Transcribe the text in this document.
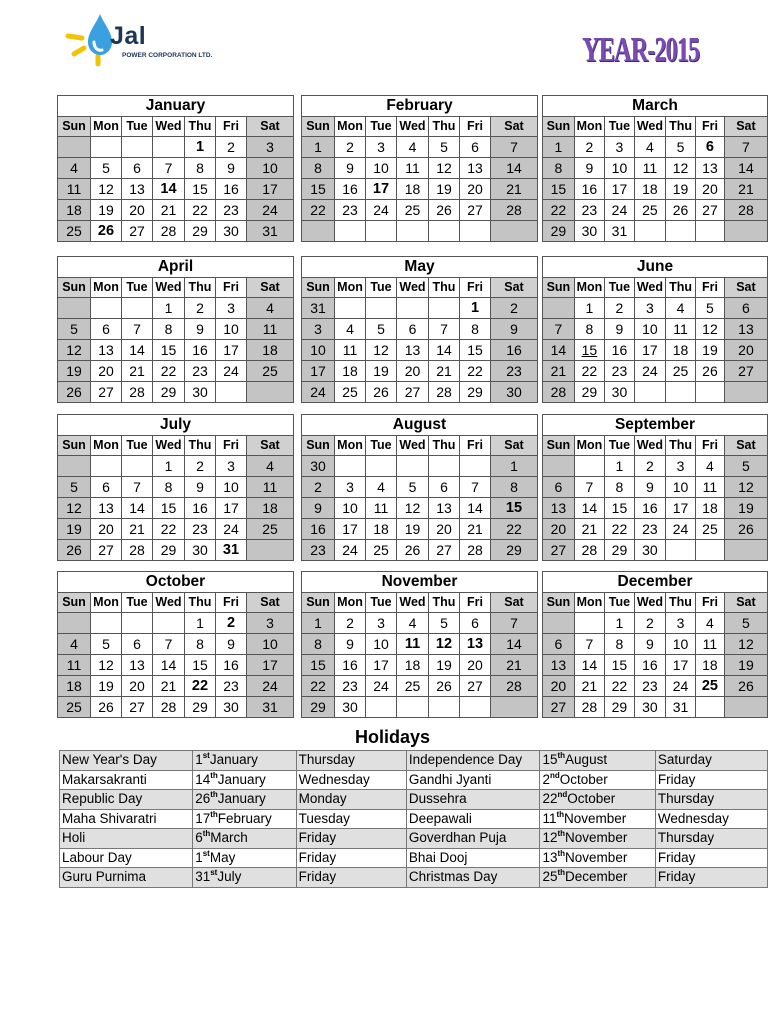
Jal
POWER CORPORATION LTD.	YEAR-2015
January						
Sun	Mon	Tue	Wed	Thu	Fri	Sat
				1	2	3
4	5	6	7	8	9	10
11	12	13	14	15	16	17
18	19	20	21	22	23	24
25	26	27	28	29	30	31
February						
Sun	Mon	Tue	Wed	Thu	Fri	Sat
1	2	3	4	5	6	7
8	9	10	11	12	13	14
15	16	17	18	19	20	21
22	23	24	25	26	27	28

March						
Sun	Mon	Tue	Wed	Thu	Fri	Sat
1	2	3	4	5	6	7
8	9	10	11	12	13	14
15	16	17	18	19	20	21
22	23	24	25	26	27	28
29	30	31				
April						
Sun	Mon	Tue	Wed	Thu	Fri	Sat
			1	2	3	4
5	6	7	8	9	10	11
12	13	14	15	16	17	18
19	20	21	22	23	24	25
26	27	28	29	30		
May						
Sun	Mon	Tue	Wed	Thu	Fri	Sat
31					1	2
3	4	5	6	7	8	9
10	11	12	13	14	15	16
17	18	19	20	21	22	23
24	25	26	27	28	29	30
June						
Sun	Mon	Tue	Wed	Thu	Fri	Sat
	1	2	3	4	5	6
7	8	9	10	11	12	13
14	15	16	17	18	19	20
21	22	23	24	25	26	27
28	29	30				
July						
Sun	Mon	Tue	Wed	Thu	Fri	Sat
			1	2	3	4
5	6	7	8	9	10	11
12	13	14	15	16	17	18
19	20	21	22	23	24	25
26	27	28	29	30	31	
August						
Sun	Mon	Tue	Wed	Thu	Fri	Sat
30						1
2	3	4	5	6	7	8
9	10	11	12	13	14	15
16	17	18	19	20	21	22
23	24	25	26	27	28	29
September						
Sun	Mon	Tue	Wed	Thu	Fri	Sat
		1	2	3	4	5
6	7	8	9	10	11	12
13	14	15	16	17	18	19
20	21	22	23	24	25	26
27	28	29	30			
October						
Sun	Mon	Tue	Wed	Thu	Fri	Sat
				1	2	3
4	5	6	7	8	9	10
11	12	13	14	15	16	17
18	19	20	21	22	23	24
25	26	27	28	29	30	31
November						
Sun	Mon	Tue	Wed	Thu	Fri	Sat
1	2	3	4	5	6	7
8	9	10	11	12	13	14
15	16	17	18	19	20	21
22	23	24	25	26	27	28
29	30					
December						
Sun	Mon	Tue	Wed	Thu	Fri	Sat
		1	2	3	4	5
6	7	8	9	10	11	12
13	14	15	16	17	18	19
20	21	22	23	24	25	26
27	28	29	30	31		
Holidays
New Year's Day	1stJanuary	Thursday	Independence Day	15thAugust	Saturday
Makarsakranti	14thJanuary	Wednesday	Gandhi Jyanti	2ndOctober	Friday
Republic Day	26thJanuary	Monday	Dussehra	22ndOctober	Thursday
Maha Shivaratri	17thFebruary	Tuesday	Deepawali	11thNovember	Wednesday
Holi	6thMarch	Friday	Goverdhan Puja	12thNovember	Thursday
Labour Day	1stMay	Friday	Bhai Dooj	13thNovember	Friday
Guru Purnima	31stJuly	Friday	Christmas Day	25thDecember	Friday
